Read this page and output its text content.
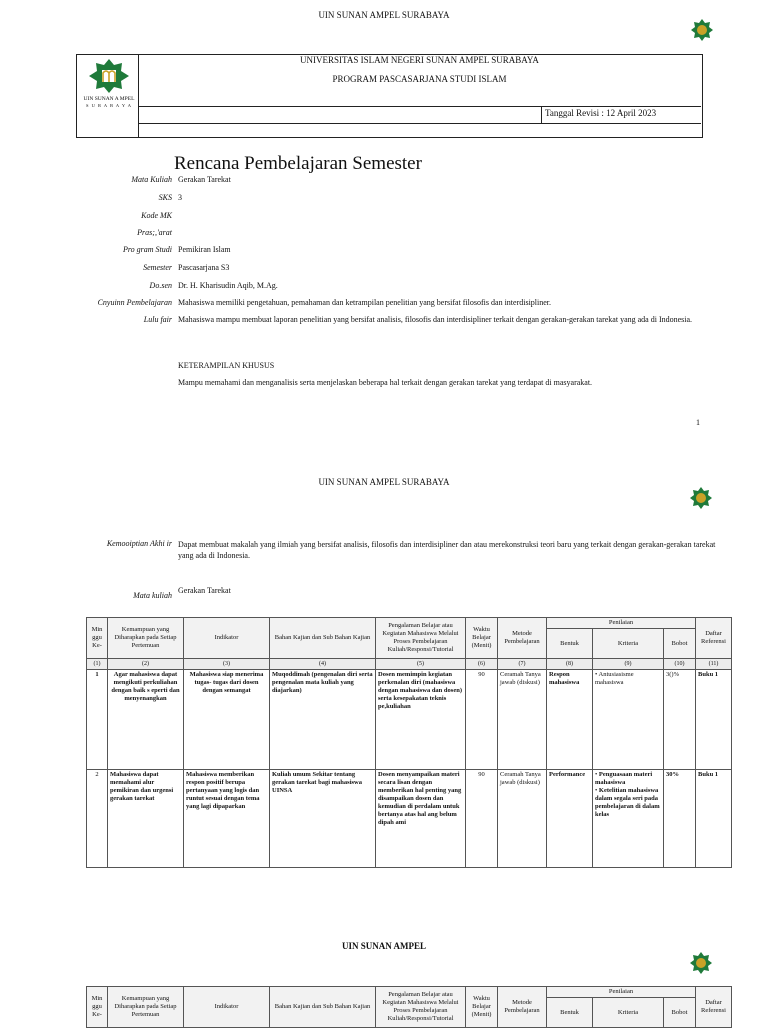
UIN SUNAN AMPEL SURABAYA
UIN SUNAN A MPEL
S U R A B A Y A
UNIVERSITAS ISLAM NEGERI SUNAN AMPEL SURABAYA
PROGRAM PASCASARJANA STUDI ISLAM
Tanggal Revisi : 12 April 2023
Rencana Pembelajaran Semester
Mata Kuliah Gerakan Tarekat
SKS 3
Kode MK
Pras;,'arat
Pro gram Studi Pemikiran Islam
Semester Pascasarjana S3
Do.sen Dr. H. Kharisudin Aqib, M.Ag.
Cnyuinn Pembelajaran Mahasiswa memiliki pengetahuan, pemahaman dan ketrampilan penelitian yang bersifat filosofis dan interdisipliner.
Lulu fair Mahasiswa mampu membuat laporan penelitian yang bersifat analisis, filosofis dan interdisipliner terkait dengan gerakan-gerakan tarekat yang ada di Indonesia.
KETERAMPILAN KHUSUS
Mampu memahami dan menganalisis serta menjelaskan beberapa hal terkait dengan gerakan tarekat yang terdapat di masyarakat.
1
UIN SUNAN AMPEL SURABAYA
Kemooiptian Akhi ir Dapat membuat makalah yang ilmiah yang bersifat analisis, filosofis dan interdisipliner dan atau merekonstruksi teori baru yang terkait dengan gerakan-gerakan tarekat yang ada di Indonesia.
Mata kuliah
Gerakan Tarekat
Min ggu Ke-	Kemampuan yang Diharapkan pada Setiap Pertemuan	Indikator	Bahan Kajian dan Sub Bahan Kajian	Pengalaman Belajar atau Kegiatan Mahasiswa Melalui Proses Pembelajaran Kuliah/Responsi/Tutorial	Waktu Belajar (Menit)	Metode Pembelajaran	Penilaian			Daftar Referensi
							Bentuk	Kriteria	Bobot	
(1)	(2)	(3)	(4)	(5)	(6)	(7)	(8)	(9)	(10)	(11)
1	Agar mahasiswa dapat mengikuti perkuliahan dengan baik s eperti dan menyenangkan	Mahasiswa siap menerima tugas- tugas dari dosen dengan semangat	Muqoddimah (pengenalan diri serta pengenalan mata kuliah yang diajarkan)	Dosen memimpin kegiatan perkenalan diri (mahasiswa dengan mahasiswa dan dosen) serta kesepakatan teknis pe,kuliahan	90	Ceramah Tanya jawab (diskusi)	Respon mahasiswa	• Antusiasisme mahasiswa	3()%	Buku 1
2	Mahasiswa dapat memahami alur pemikiran dan urgensi gerakan tarekat	Mahasiswa memberikan respon positif berupa pertanyaan yang logis dan runtut sesuai dengan tema yang lagi dipaparkan	Kuliah umum Sekitar tentang gerakan tarekat bagi mahasiswa UINSA	Dosen menyampaikan materi secara lisan dengan memberikan hal penting yang disampaikan dosen dan kemudian di perdalam untuk bertanya atas hal ang belum dipah ami	90	Ceramah Tanya jawab (diskusi)	Performance	• Penguasaan materi mahasiswa
• Ketelitian mahasiswa dalam segala seri pada pembelajaran di dalam kelas	30%	Buku 1
UIN SUNAN AMPEL
Min ggu Ke-	Kemampuan yang Diharapkan pada Setiap Pertemuan	Indikator	Bahan Kajian dan Sub Bahan Kajian	Pengalaman Belajar atau Kegiatan Mahasiswa Melalui Proses Pembelajaran Kuliah/Responsi/Tutorial	Waktu Belajar (Menit)	Metode Pembelajaran	Penilaian			Daftar Referensi
							Bentuk	Kriteria	Bobot	
